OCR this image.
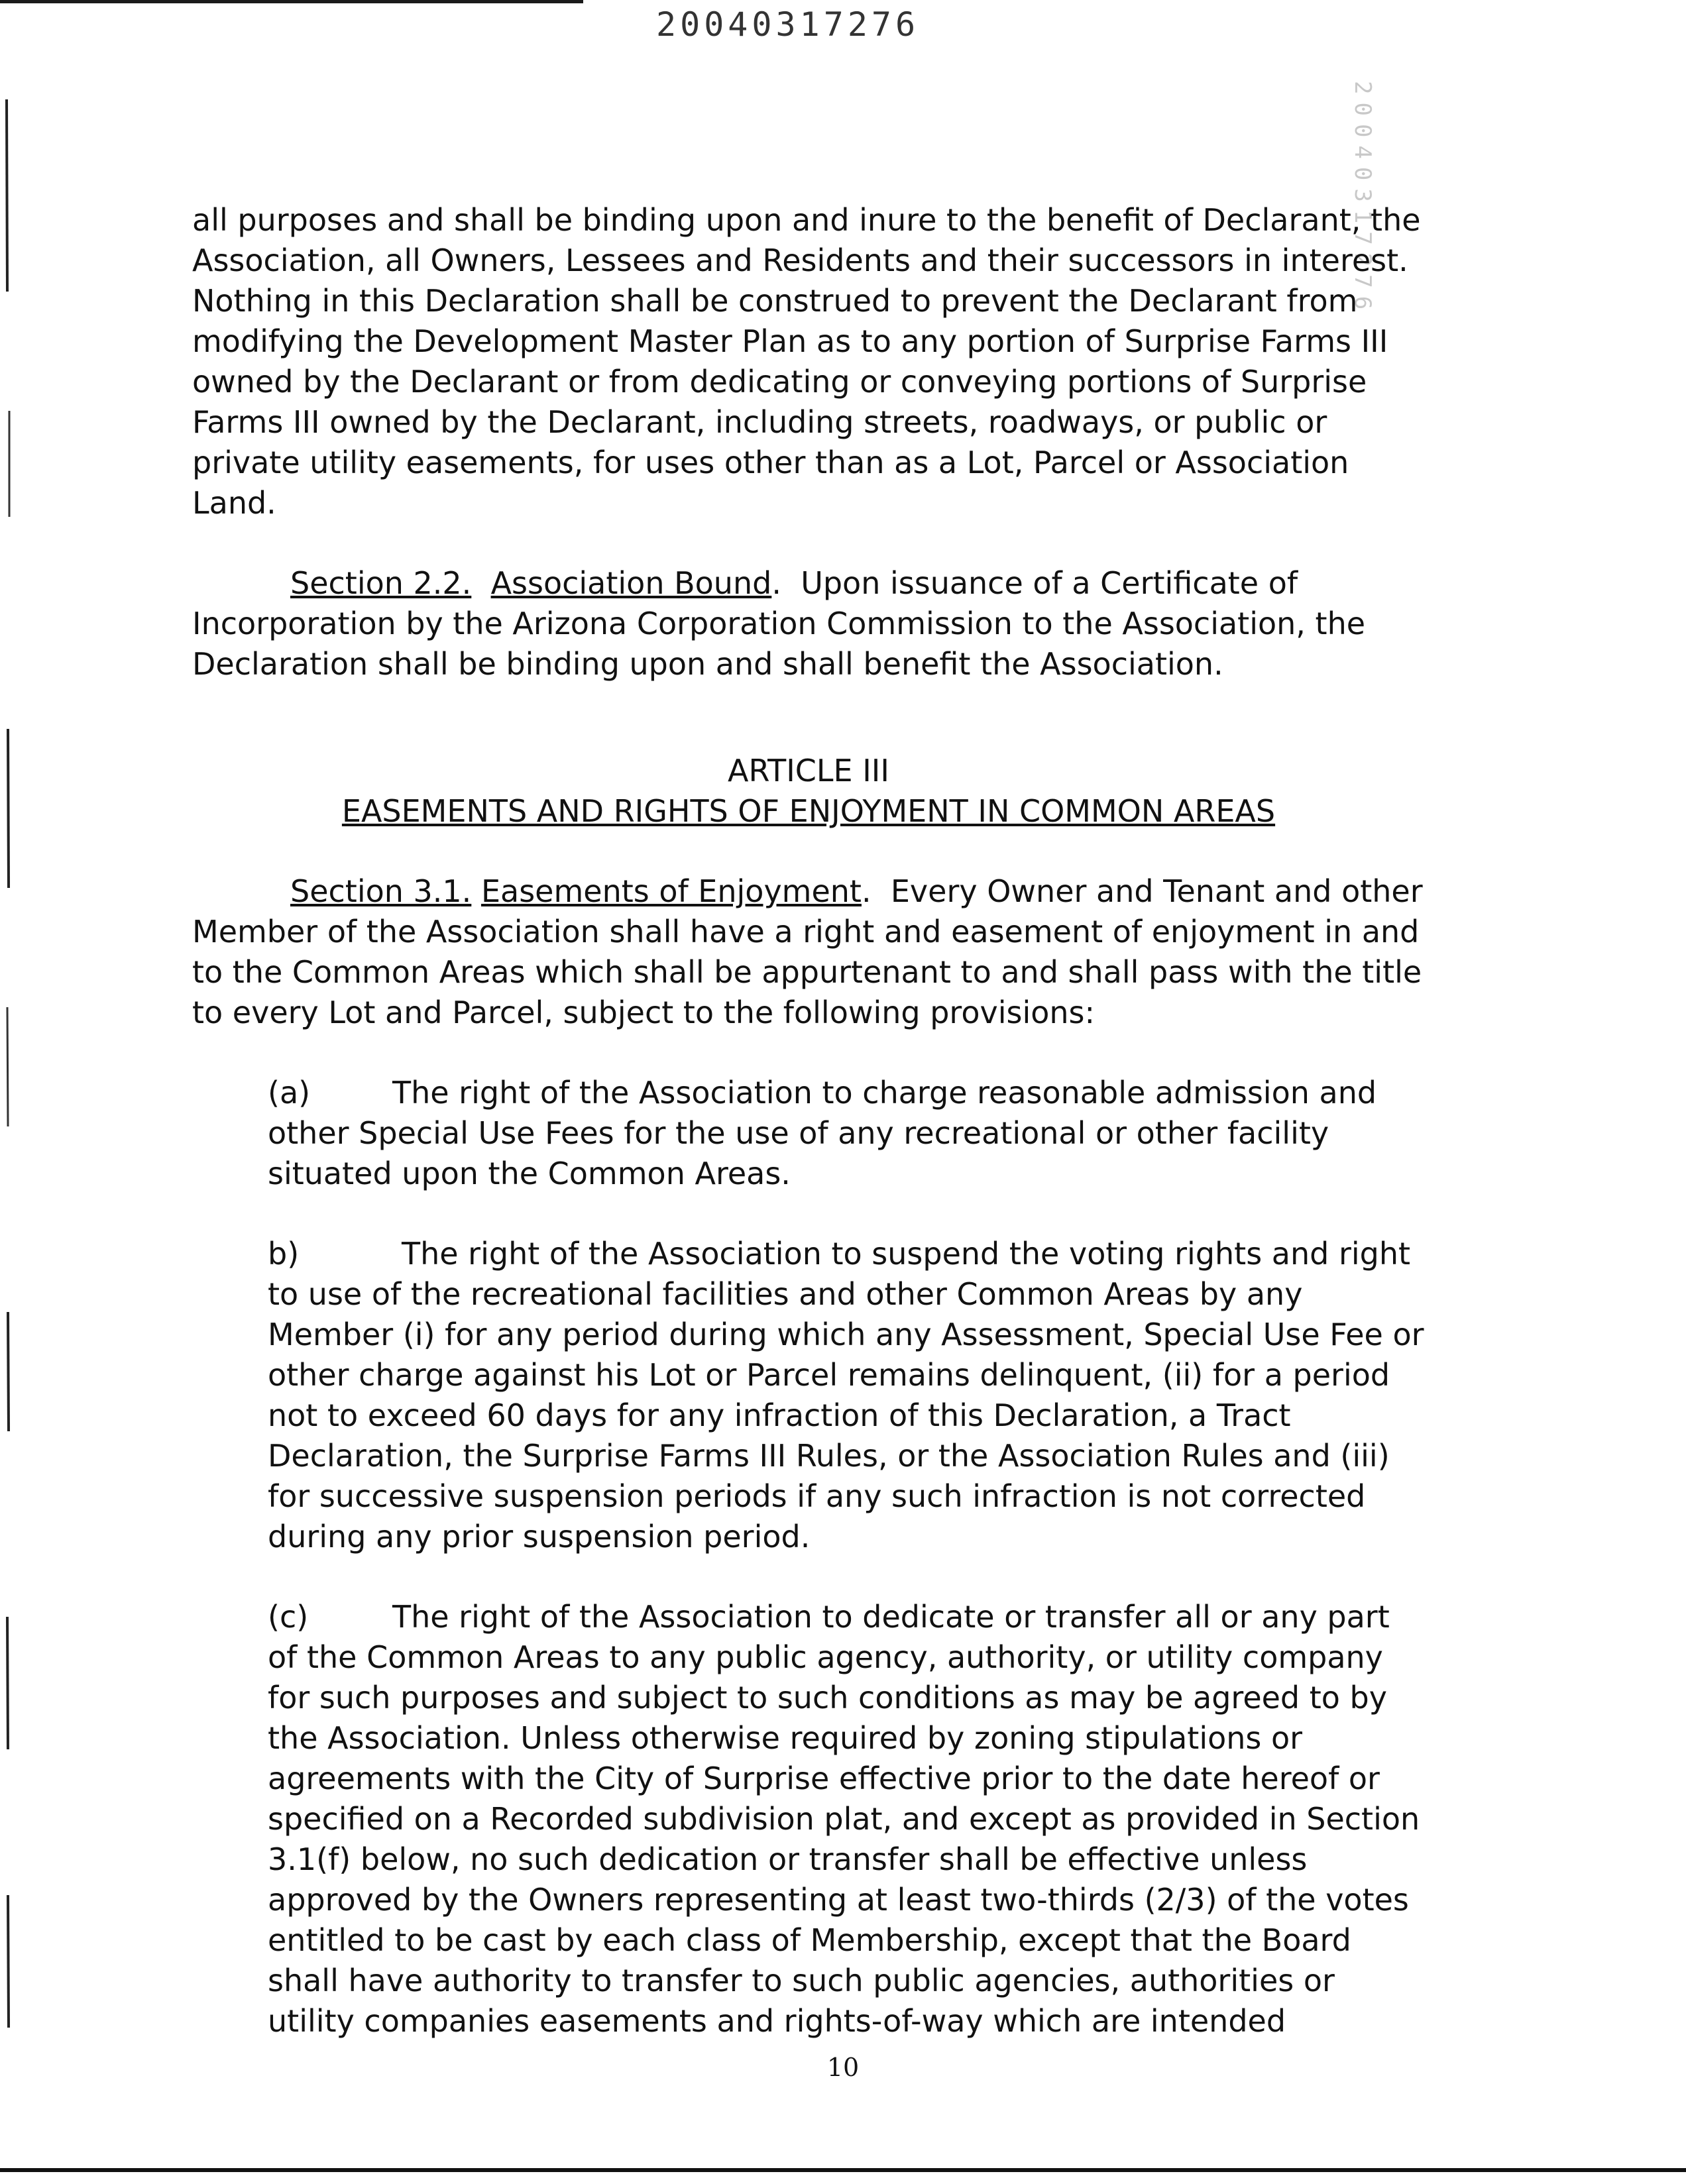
20040317276
20040317276

all purposes and shall be binding upon and inure to the benefit of Declarant, the Association, all Owners, Lessees and Residents and their successors in interest. Nothing in this Declaration shall be construed to prevent the Declarant from modifying the Development Master Plan as to any portion of Surprise Farms III owned by the Declarant or from dedicating or conveying portions of Surprise Farms III owned by the Declarant, including streets, roadways, or public or private utility easements, for uses other than as a Lot, Parcel or Association Land.

Section 2.2. Association Bound.  Upon issuance of a Certificate of Incorporation by the Arizona Corporation Commission to the Association, the Declaration shall be binding upon and shall benefit the Association.

ARTICLE III

EASEMENTS AND RIGHTS OF ENJOYMENT IN COMMON AREAS

Section 3.1. Easements of Enjoyment.  Every Owner and Tenant and other Member of the Association shall have a right and easement of enjoyment in and to the Common Areas which shall be appurtenant to and shall pass with the title to every Lot and Parcel, subject to the following provisions:

(a)	The right of the Association to charge reasonable admission and other Special Use Fees for the use of any recreational or other facility situated upon the Common Areas.

b)	The right of the Association to suspend the voting rights and right to use of the recreational facilities and other Common Areas by any Member (i) for any period during which any Assessment, Special Use Fee or other charge against his Lot or Parcel remains delinquent, (ii) for a period not to exceed 60 days for any infraction of this Declaration, a Tract Declaration, the Surprise Farms III Rules, or the Association Rules and (iii) for successive suspension periods if any such infraction is not corrected during any prior suspension period.

(c)	The right of the Association to dedicate or transfer all or any part of the Common Areas to any public agency, authority, or utility company for such purposes and subject to such conditions as may be agreed to by the Association. Unless otherwise required by zoning stipulations or agreements with the City of Surprise effective prior to the date hereof or specified on a Recorded subdivision plat, and except as provided in Section 3.1(f) below, no such dedication or transfer shall be effective unless approved by the Owners representing at least two-thirds (2/3) of the votes entitled to be cast by each class of Membership, except that the Board shall have authority to transfer to such public agencies, authorities or utility companies easements and rights-of-way which are intended

10
